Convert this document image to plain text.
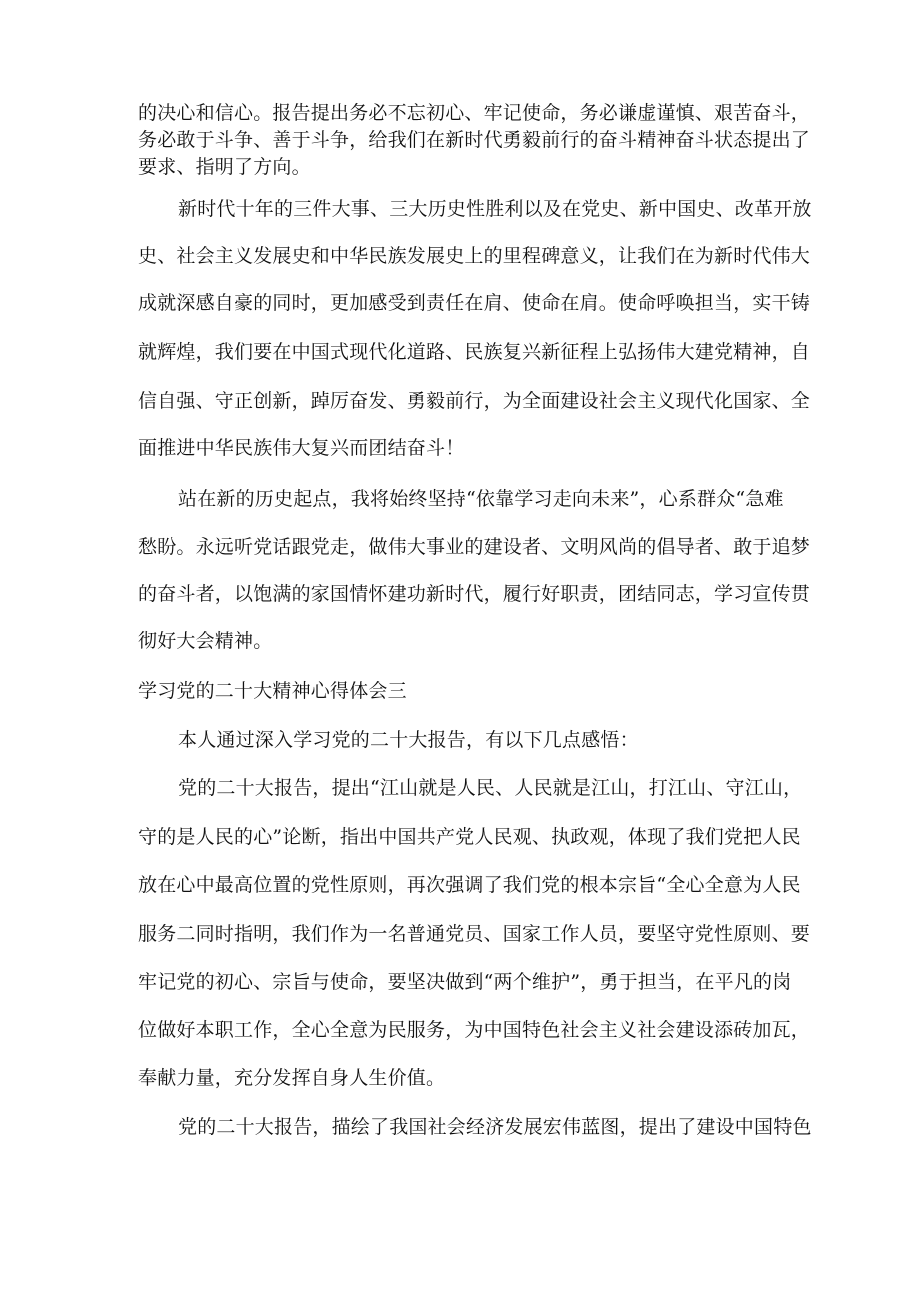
的决心和信心。报告提出务必不忘初心、牢记使命，务必谦虚谨慎、艰苦奋斗，
务必敢于斗争、善于斗争，给我们在新时代勇毅前行的奋斗精神奋斗状态提出了
要求、指明了方向。
新时代十年的三件大事、三大历史性胜利以及在党史、新中国史、改革开放
史、社会主义发展史和中华民族发展史上的里程碑意义，让我们在为新时代伟大
成就深感自豪的同时，更加感受到责任在肩、使命在肩。使命呼唤担当，实干铸
就辉煌，我们要在中国式现代化道路、民族复兴新征程上弘扬伟大建党精神，自
信自强、守正创新，踔厉奋发、勇毅前行，为全面建设社会主义现代化国家、全
面推进中华民族伟大复兴而团结奋斗！
站在新的历史起点，我将始终坚持“依靠学习走向未来”，心系群众“急难
愁盼。永远听党话跟党走，做伟大事业的建设者、文明风尚的倡导者、敢于追梦
的奋斗者，以饱满的家国情怀建功新时代，履行好职责，团结同志，学习宣传贯
彻好大会精神。
学习党的二十大精神心得体会三
本人通过深入学习党的二十大报告，有以下几点感悟：
党的二十大报告，提出“江山就是人民、人民就是江山，打江山、守江山，
守的是人民的心”论断，指出中国共产党人民观、执政观，体现了我们党把人民
放在心中最高位置的党性原则，再次强调了我们党的根本宗旨“全心全意为人民
服务二同时指明，我们作为一名普通党员、国家工作人员，要坚守党性原则、要
牢记党的初心、宗旨与使命，要坚决做到“两个维护”，勇于担当，在平凡的岗
位做好本职工作，全心全意为民服务，为中国特色社会主义社会建设添砖加瓦，
奉献力量，充分发挥自身人生价值。
党的二十大报告，描绘了我国社会经济发展宏伟蓝图，提出了建设中国特色
